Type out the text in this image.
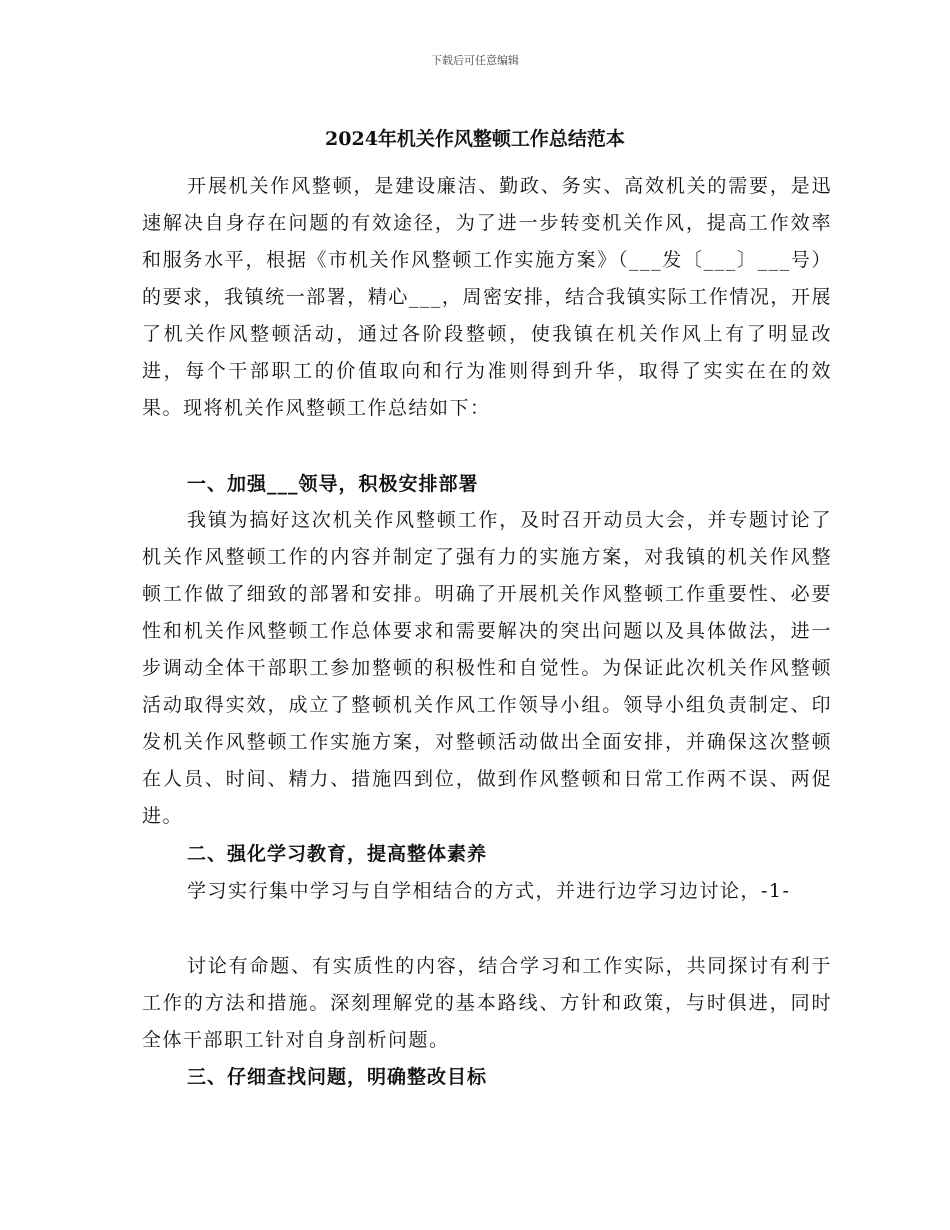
下载后可任意编辑
2024年机关作风整顿工作总结范本
开展机关作风整顿，是建设廉洁、勤政、务实、高效机关的需要，是迅速解决自身存在问题的有效途径，为了进一步转变机关作风，提高工作效率和服务水平，根据《市机关作风整顿工作实施方案》（___发〔___〕___号）的要求，我镇统一部署，精心___，周密安排，结合我镇实际工作情况，开展了机关作风整顿活动，通过各阶段整顿，使我镇在机关作风上有了明显改进，每个干部职工的价值取向和行为准则得到升华，取得了实实在在的效果。现将机关作风整顿工作总结如下：
一、加强___领导，积极安排部署
我镇为搞好这次机关作风整顿工作，及时召开动员大会，并专题讨论了机关作风整顿工作的内容并制定了强有力的实施方案，对我镇的机关作风整顿工作做了细致的部署和安排。明确了开展机关作风整顿工作重要性、必要性和机关作风整顿工作总体要求和需要解决的突出问题以及具体做法，进一步调动全体干部职工参加整顿的积极性和自觉性。为保证此次机关作风整顿活动取得实效，成立了整顿机关作风工作领导小组。领导小组负责制定、印发机关作风整顿工作实施方案，对整顿活动做出全面安排，并确保这次整顿在人员、时间、精力、措施四到位，做到作风整顿和日常工作两不误、两促进。
二、强化学习教育，提高整体素养
学习实行集中学习与自学相结合的方式，并进行边学习边讨论，-1-
讨论有命题、有实质性的内容，结合学习和工作实际，共同探讨有利于工作的方法和措施。深刻理解党的基本路线、方针和政策，与时俱进，同时全体干部职工针对自身剖析问题。
三、仔细查找问题，明确整改目标
